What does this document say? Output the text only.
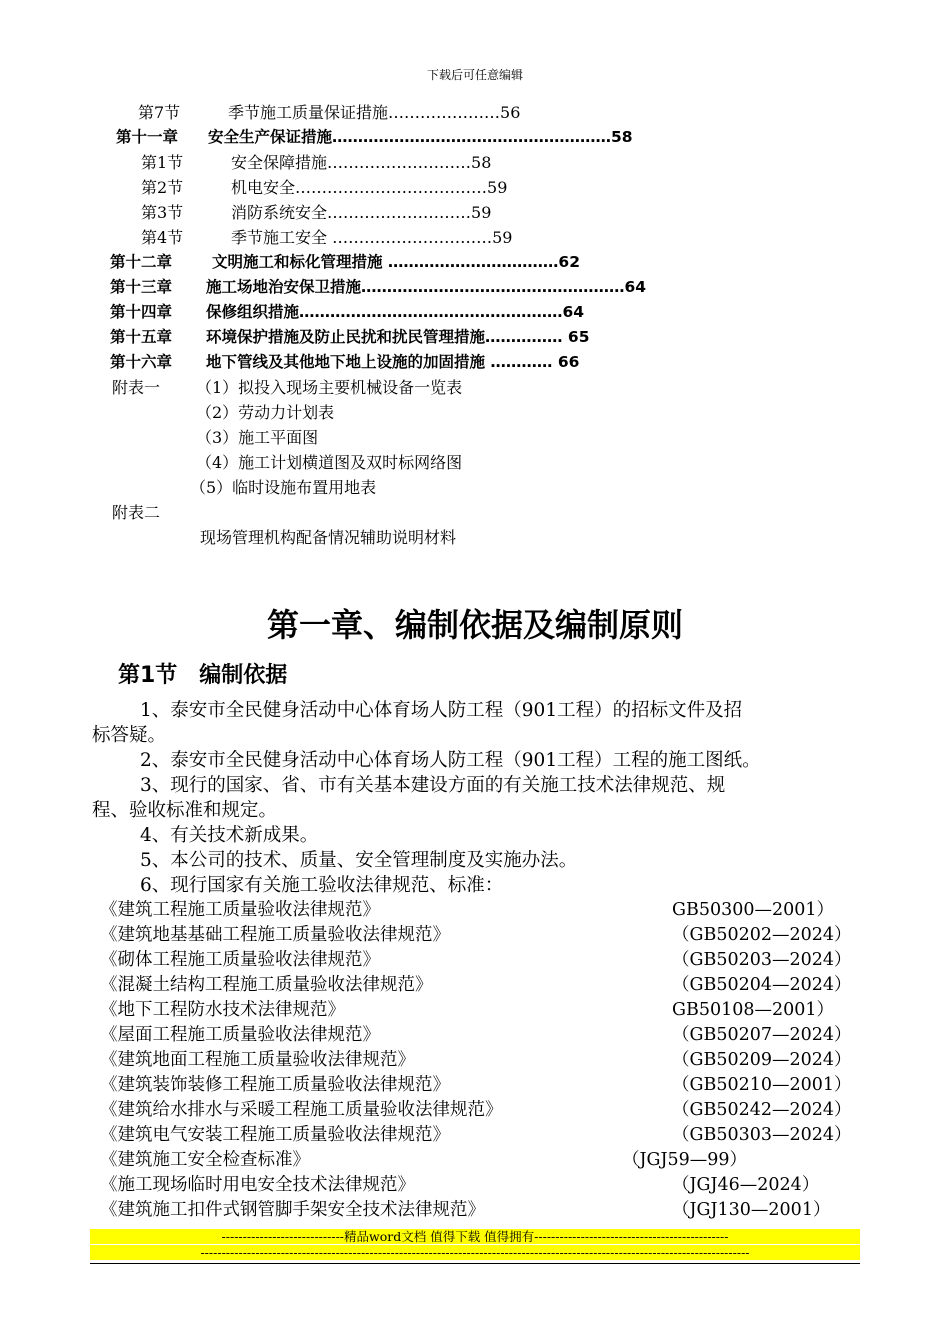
下载后可任意编辑
第7节	季节施工质量保证措施…………………56
第十一章 安全生产保证措施………………………………………………58
第1节	安全保障措施………………………58
第2节	机电安全………………………………59
第3节	消防系统安全………………………59
第4节	季节施工安全 …………………………59
第十二章	文明施工和标化管理措施 ……………………………62
第十三章 施工场地治安保卫措施……………………………………………64
第十四章 保修组织措施……………………………………………64
第十五章 环境保护措施及防止民扰和扰民管理措施…………… 65
第十六章 地下管线及其他地下地上设施的加固措施 ………… 66
附表一 （1）拟投入现场主要机械设备一览表
（2）劳动力计划表
（3）施工平面图
（4）施工计划横道图及双时标网络图
（5）临时设施布置用地表
附表二
现场管理机构配备情况辅助说明材料
第一章、编制依据及编制原则
第1节　编制依据
1、泰安市全民健身活动中心体育场人防工程（901工程）的招标文件及招
标答疑。
2、泰安市全民健身活动中心体育场人防工程（901工程）工程的施工图纸。
3、现行的国家、省、市有关基本建设方面的有关施工技术法律规范、规
程、验收标准和规定。
4、有关技术新成果。
5、本公司的技术、质量、安全管理制度及实施办法。
6、现行国家有关施工验收法律规范、标准：
《建筑工程施工质量验收法律规范》	GB50300—2001）
《建筑地基基础工程施工质量验收法律规范》	（GB50202—2024）
《砌体工程施工质量验收法律规范》	（GB50203—2024）
《混凝土结构工程施工质量验收法律规范》	（GB50204—2024）
《地下工程防水技术法律规范》	GB50108—2001）
《屋面工程施工质量验收法律规范》	（GB50207—2024）
《建筑地面工程施工质量验收法律规范》	（GB50209—2024）
《建筑装饰装修工程施工质量验收法律规范》	（GB50210—2001）
《建筑给水排水与采暖工程施工质量验收法律规范》	（GB50242—2024）
《建筑电气安装工程施工质量验收法律规范》	（GB50303—2024）
《建筑施工安全检查标准》	（JGJ59—99）
《施工现场临时用电安全技术法律规范》	（JGJ46—2024）
《建筑施工扣件式钢管脚手架安全技术法律规范》	（JGJ130—2001）
-----------------------------精品word文档 值得下载 值得拥有----------------------------------------------
----------------------------------------------------------------------------------------------------------------------------------
